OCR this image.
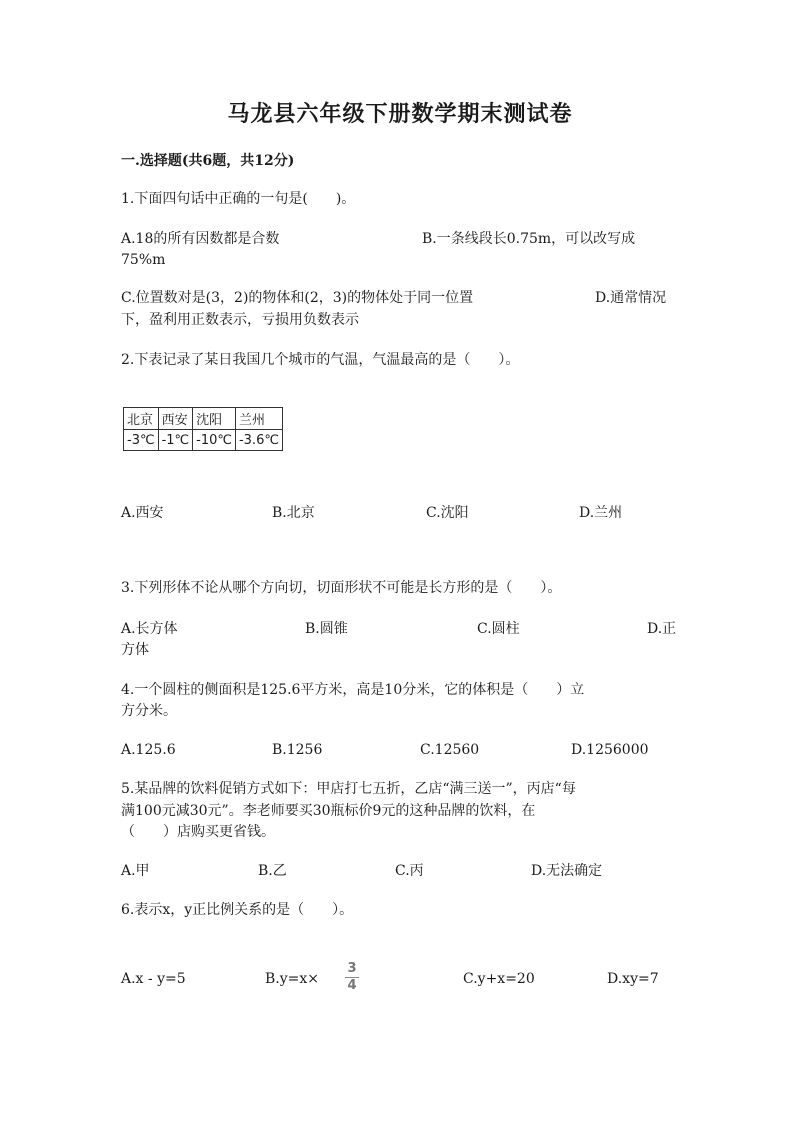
马龙县六年级下册数学期末测试卷
一.选择题(共6题，共12分)
1.下面四句话中正确的一句是(　　)。
A.18的所有因数都是合数	B.一条线段长0.75m，可以改写成
75%m
C.位置数对是(3，2)的物体和(2，3)的物体处于同一位置	D.通常情况
下，盈利用正数表示，亏损用负数表示
2.下表记录了某日我国几个城市的气温，气温最高的是（　　）。
北京	西安	沈阳	兰州
-3℃	-1℃	-10℃	-3.6℃
A.西安	B.北京	C.沈阳	D.兰州
3.下列形体不论从哪个方向切，切面形状不可能是长方形的是（　　）。
A.长方体	B.圆锥	C.圆柱	D.正
方体
4.一个圆柱的侧面积是125.6平方米，高是10分米，它的体积是（　　）立
方分米。
A.125.6	B.1256	C.12560	D.1256000
5.某品牌的饮料促销方式如下：甲店打七五折，乙店“满三送一”，丙店“每
满100元减30元”。李老师要买30瓶标价9元的这种品牌的饮料，在
（　　）店购买更省钱。
A.甲	B.乙	C.丙	D.无法确定
6.表示x，y正比例关系的是（　　）。
A.x - y=5	B.y=x×
3
4	C.y+x=20	D.xy=7
